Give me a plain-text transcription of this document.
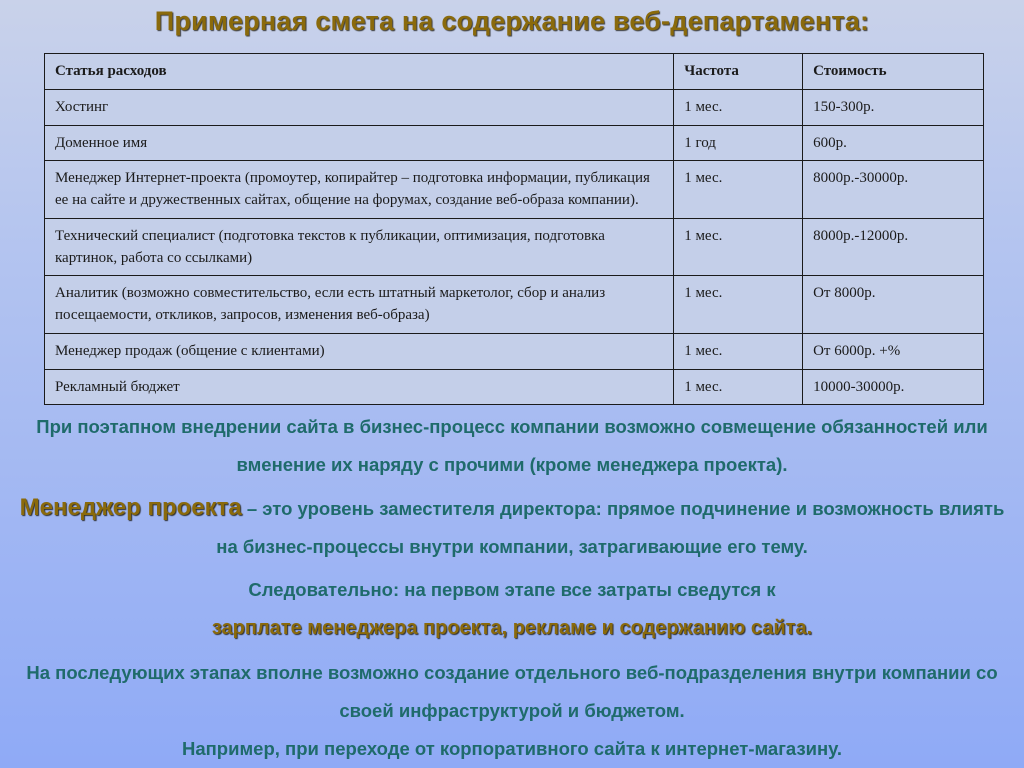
Примерная смета на содержание веб-департамента:
Статья расходов	Частота	Стоимость
Хостинг	1 мес.	150-300р.
Доменное имя	1 год	600р.
Менеджер Интернет-проекта (промоутер, копирайтер – подготовка информации, публикация ее на сайте и дружественных сайтах, общение на форумах, создание веб-образа компании).	1 мес.	8000р.-30000р.
Технический специалист (подготовка текстов к публикации, оптимизация, подготовка картинок, работа со ссылками)	1 мес.	8000р.-12000р.
Аналитик (возможно совместительство, если есть штатный маркетолог, сбор и анализ посещаемости, откликов, запросов, изменения веб-образа)	1 мес.	От 8000р.
Менеджер продаж (общение с клиентами)	1 мес.	От 6000р. +%
Рекламный бюджет	1 мес.	10000-30000р.
При поэтапном внедрении сайта в бизнес-процесс компании возможно совмещение обязанностей или вменение их наряду с прочими (кроме менеджера проекта).
Менеджер проекта – это уровень заместителя директора: прямое подчинение и возможность влиять на бизнес-процессы внутри компании, затрагивающие его тему.
Следовательно: на первом этапе все затраты сведутся к
зарплате менеджера проекта, рекламе и содержанию сайта.
На последующих этапах вполне возможно создание отдельного веб-подразделения внутри компании со своей инфраструктурой и бюджетом.
Например, при переходе от корпоративного сайта к интернет-магазину.
